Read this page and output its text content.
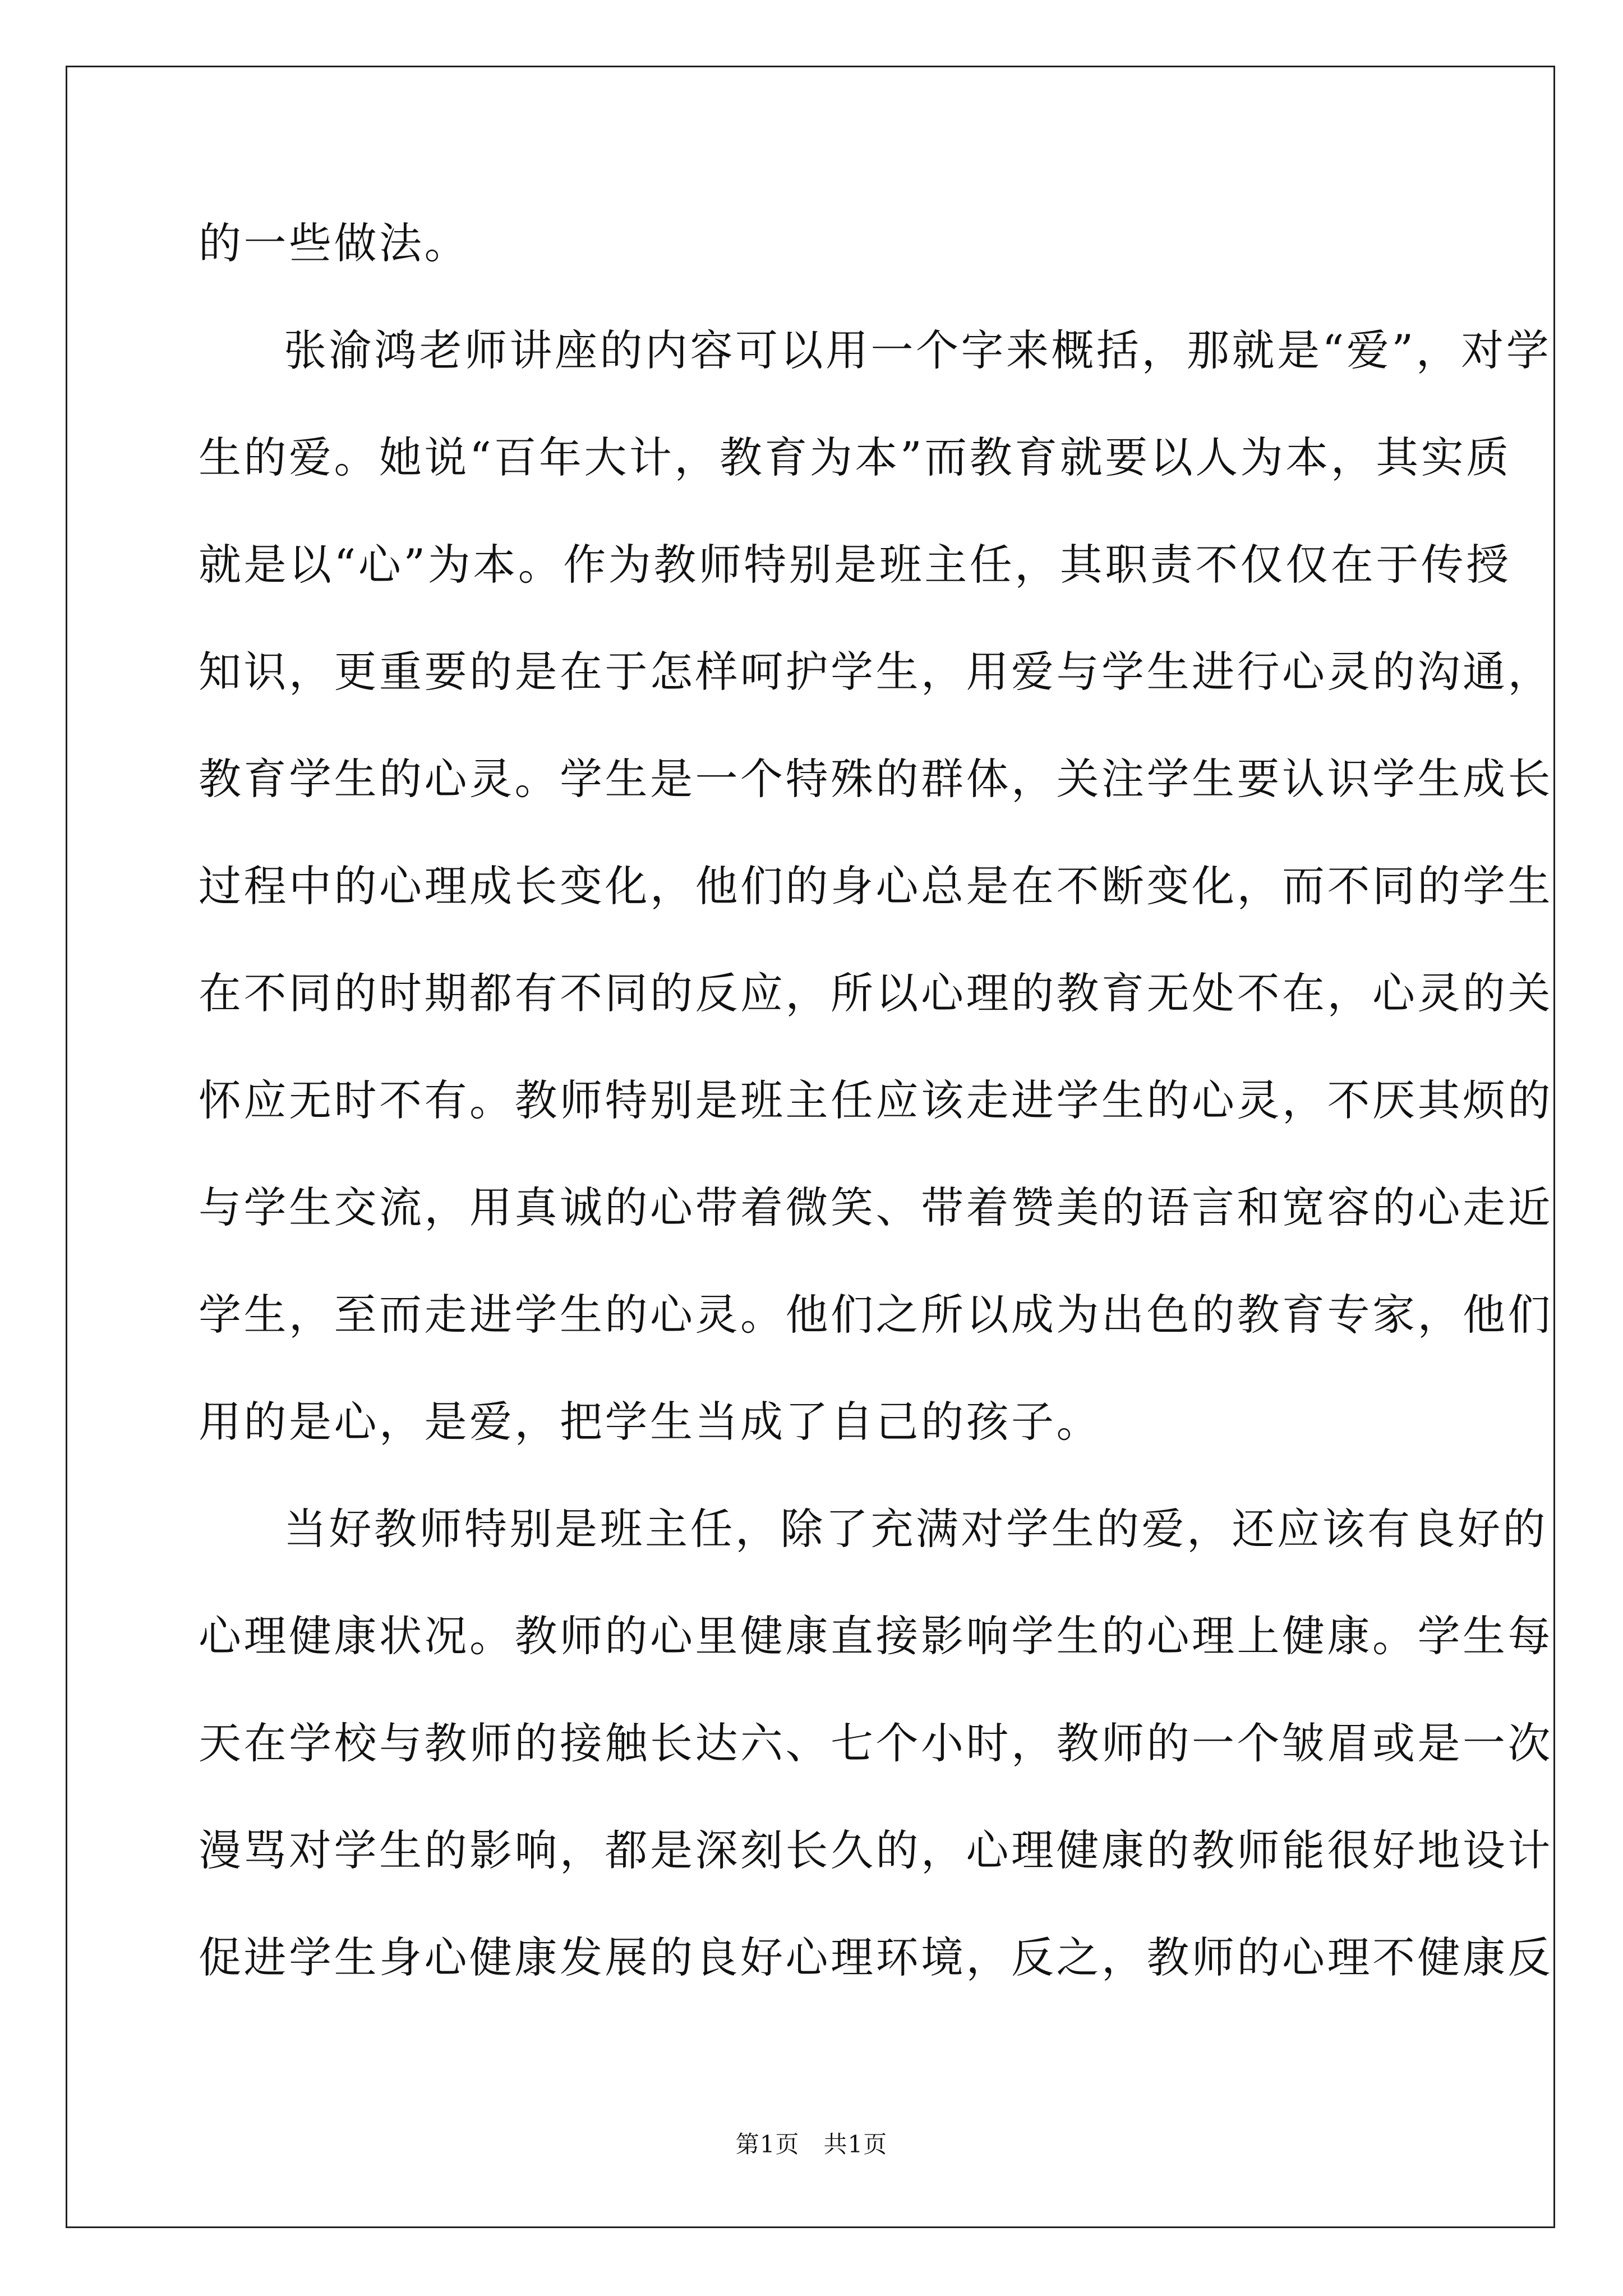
的一些做法。
张渝鸿老师讲座的内容可以用一个字来概括，那就是“爱”，对学
生的爱。她说“百年大计，教育为本”而教育就要以人为本，其实质
就是以“心”为本。作为教师特别是班主任，其职责不仅仅在于传授
知识，更重要的是在于怎样呵护学生，用爱与学生进行心灵的沟通，
教育学生的心灵。学生是一个特殊的群体，关注学生要认识学生成长
过程中的心理成长变化，他们的身心总是在不断变化，而不同的学生
在不同的时期都有不同的反应，所以心理的教育无处不在，心灵的关
怀应无时不有。教师特别是班主任应该走进学生的心灵，不厌其烦的
与学生交流，用真诚的心带着微笑、带着赞美的语言和宽容的心走近
学生，至而走进学生的心灵。他们之所以成为出色的教育专家，他们
用的是心，是爱，把学生当成了自己的孩子。
当好教师特别是班主任，除了充满对学生的爱，还应该有良好的
心理健康状况。教师的心里健康直接影响学生的心理上健康。学生每
天在学校与教师的接触长达六、七个小时，教师的一个皱眉或是一次
漫骂对学生的影响，都是深刻长久的，心理健康的教师能很好地设计
促进学生身心健康发展的良好心理环境，反之，教师的心理不健康反
第1页 共1页
